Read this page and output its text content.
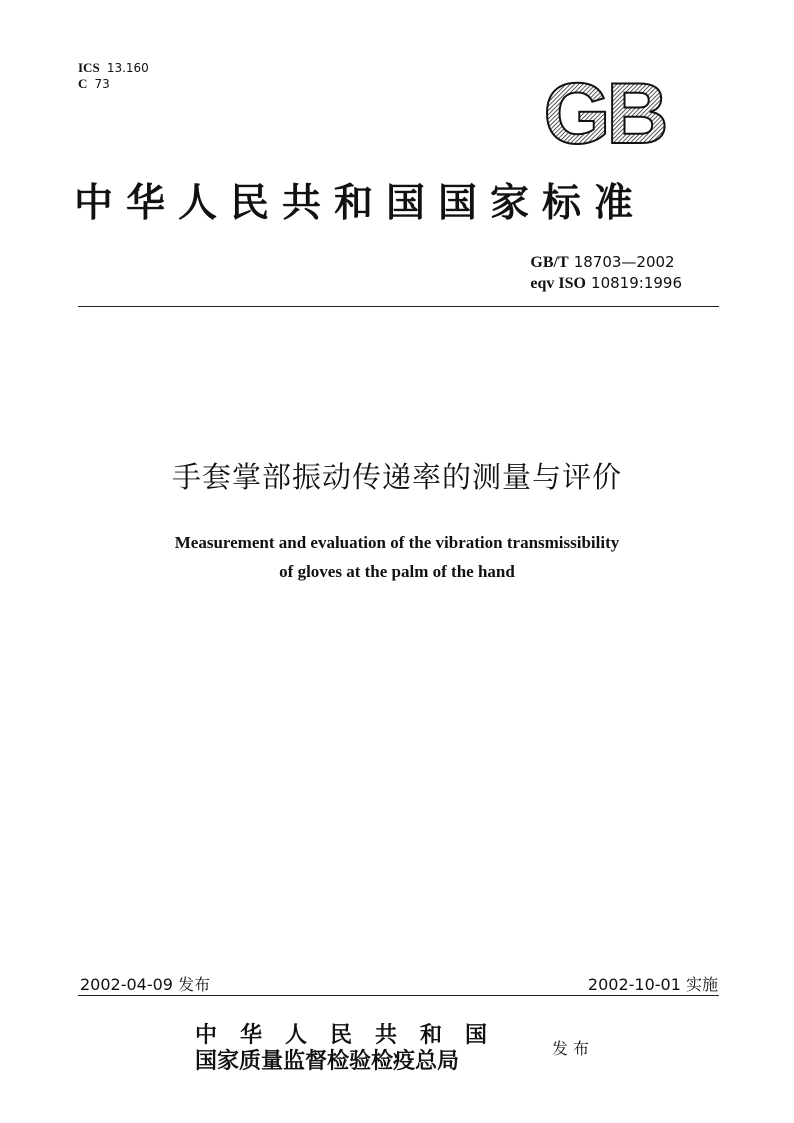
ICS 13.160
C 73	GB
中华人民共和国国家标准
GB/T 18703—2002
eqv ISO 10819:1996
手套掌部振动传递率的测量与评价
Measurement and evaluation of the vibration transmissibility
of gloves at the palm of the hand
2002-04-09 发布	2002-10-01 实施
中华人民共和国
国家质量监督检验检疫总局	发布
